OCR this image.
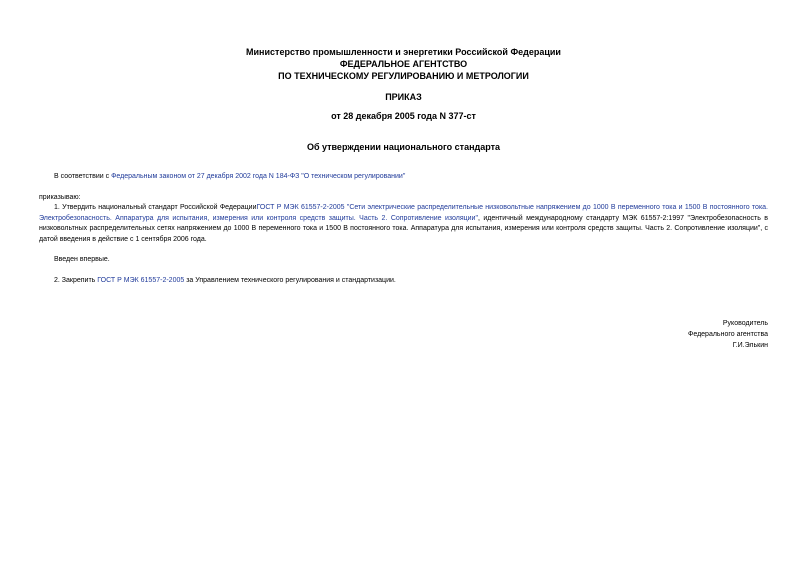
Министерство промышленности и энергетики Российской Федерации
ФЕДЕРАЛЬНОЕ АГЕНТСТВО
ПО ТЕХНИЧЕСКОМУ РЕГУЛИРОВАНИЮ И МЕТРОЛОГИИ
ПРИКАЗ
от 28 декабря 2005 года N 377-ст
Об утверждении национального стандарта
В соответствии с Федеральным законом от 27 декабря 2002 года N 184-ФЗ "О техническом регулировании"
приказываю:
1. Утвердить национальный стандарт Российской ФедерацииГОСТ Р МЭК 61557-2-2005 "Сети электрические распределительные низковольтные напряжением до 1000 В переменного тока и 1500 В постоянного тока. Электробезопасность. Аппаратура для испытания, измерения или контроля средств защиты. Часть 2. Сопротивление изоляции", идентичный международному стандарту МЭК 61557-2:1997 "Электробезопасность в низковольтных распределительных сетях напряжением до 1000 В переменного тока и 1500 В постоянного тока. Аппаратура для испытания, измерения или контроля средств защиты. Часть 2. Сопротивление изоляции", с датой введения в действие с 1 сентября 2006 года.
Введен впервые.
2. Закрепить ГОСТ Р МЭК 61557-2-2005 за Управлением технического регулирования и стандартизации.
Руководитель
Федерального агентства
Г.И.Элькин
